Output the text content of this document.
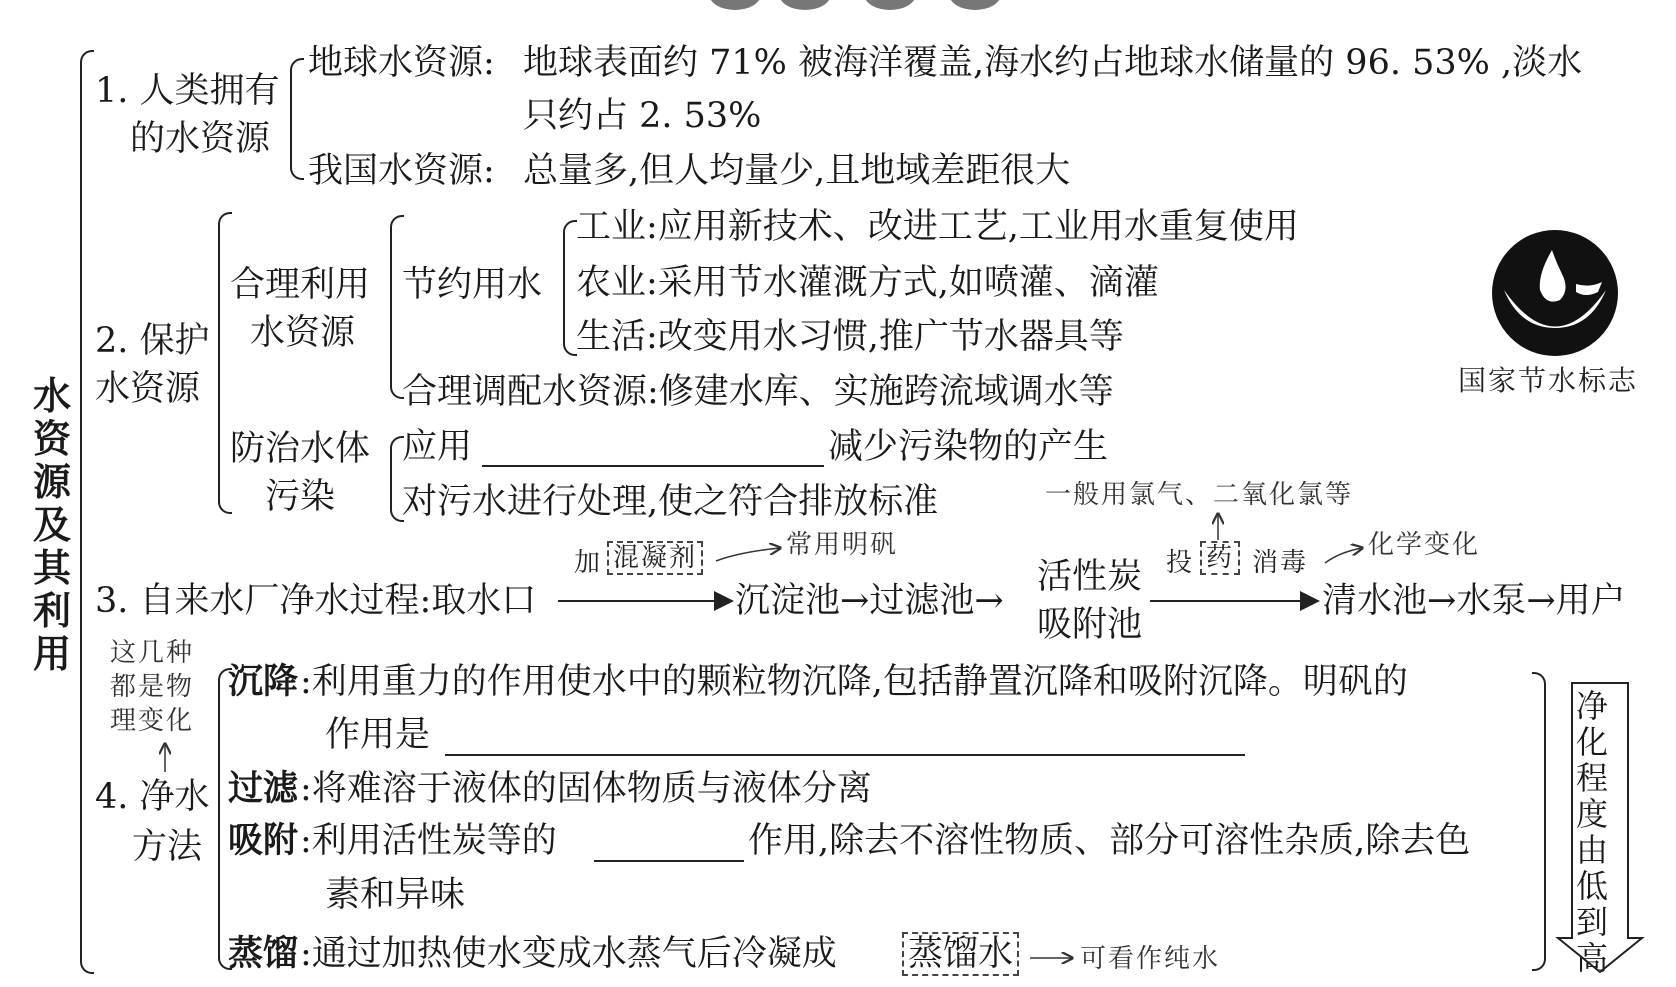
水资源及其利用
1. 人类拥有
的水资源
地球水资源: 地球表面约 71% 被海洋覆盖,海水约占地球水储量的 96. 53% ,淡水
只约占 2. 53%
我国水资源: 总量多,但人均量少,且地域差距很大
2. 保护
水资源
合理利用
水资源
节约用水
工业:应用新技术、改进工艺,工业用水重复使用
农业:采用节水灌溉方式,如喷灌、滴灌
生活:改变用水习惯,推广节水器具等
合理调配水资源:修建水库、实施跨流域调水等
防治水体
污染
应用	减少污染物的产生
对污水进行处理,使之符合排放标准
国家节水标志
一般用氯气、二氧化氯等
3. 自来水厂净水过程:取水口
加 混凝剂	常用明矾
沉淀池→过滤池→
活性炭
吸附池
投 药 消毒
化学变化
清水池→水泵→用户
这几种
都是物
理变化
4. 净水
方法
沉降 :利用重力的作用使水中的颗粒物沉降,包括静置沉降和吸附沉降。明矾的
作用是
过滤 :将难溶于液体的固体物质与液体分离
吸附 :利用活性炭等的	作用,除去不溶性物质、部分可溶性杂质,除去色
素和异味
蒸馏 :通过加热使水变成水蒸气后冷凝成 蒸馏水	可看作纯水
净化程度由低到高
